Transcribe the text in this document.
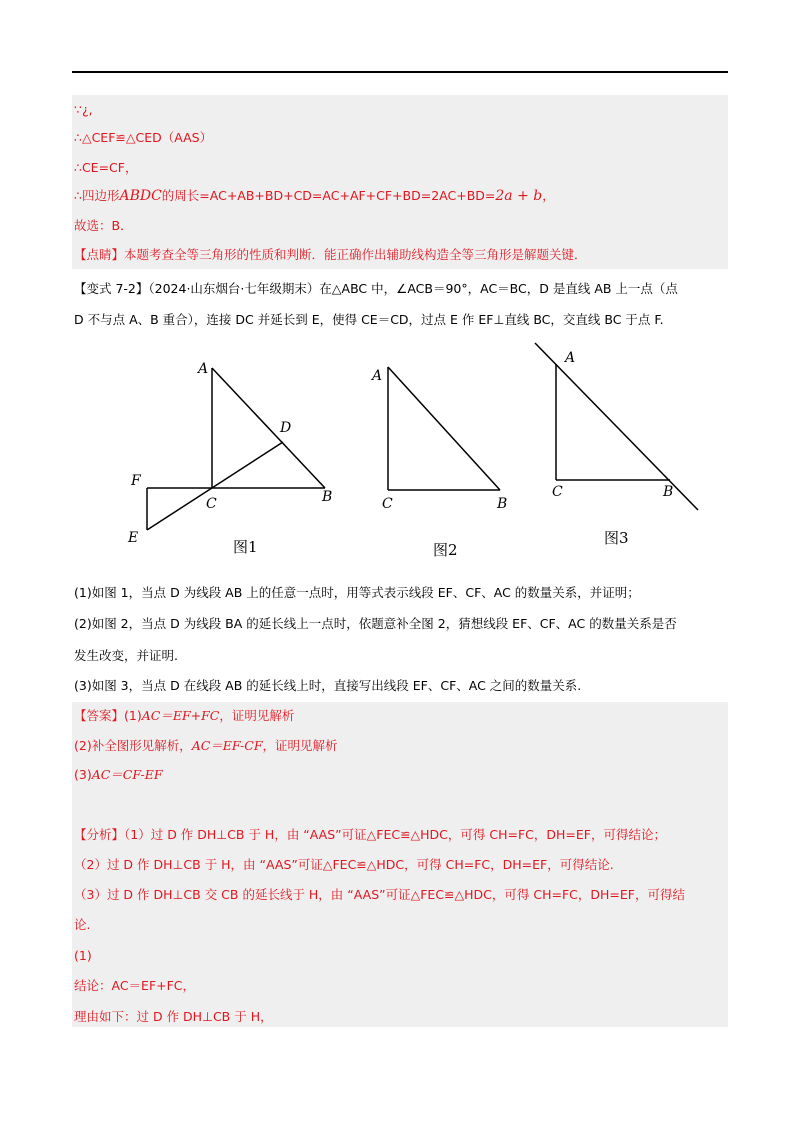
∵¿,
∴△CEF≌△CED（AAS）
∴CE=CF，
∴四边形ABDC的周长=AC+AB+BD+CD=AC+AF+CF+BD=2AC+BD=2a + b，
故选：B．
【点睛】本题考查全等三角形的性质和判断．能正确作出辅助线构造全等三角形是解题关键．
【变式 7-2】（2024·山东烟台·七年级期末）在△ABC 中，∠ACB＝90°，AC＝BC，D 是直线 AB 上一点（点
D 不与点 A、B 重合），连接 DC 并延长到 E，使得 CE＝CD，过点 E 作 EF⊥直线 BC，交直线 BC 于点 F.
A
D
F
C	B
E	图1
A
C	B
图2
A
C	B
图3
(1)如图 1，当点 D 为线段 AB 上的任意一点时，用等式表示线段 EF、CF、AC 的数量关系，并证明；
(2)如图 2，当点 D 为线段 BA 的延长线上一点时，依题意补全图 2，猜想线段 EF、CF、AC 的数量关系是否
发生改变，并证明.
(3)如图 3，当点 D 在线段 AB 的延长线上时，直接写出线段 EF、CF、AC 之间的数量关系.
【答案】(1)AC＝EF+FC，证明见解析
(2)补全图形见解析，AC＝EF-CF，证明见解析
(3)AC＝CF-EF
【分析】（1）过 D 作 DH⊥CB 于 H，由 “AAS”可证△FEC≌△HDC，可得 CH=FC，DH=EF，可得结论；
（2）过 D 作 DH⊥CB 于 H，由 “AAS”可证△FEC≌△HDC，可得 CH=FC，DH=EF，可得结论.
（3）过 D 作 DH⊥CB 交 CB 的延长线于 H，由 “AAS”可证△FEC≌△HDC，可得 CH=FC，DH=EF，可得结
论.
(1)
结论：AC＝EF+FC，
理由如下：过 D 作 DH⊥CB 于 H，
